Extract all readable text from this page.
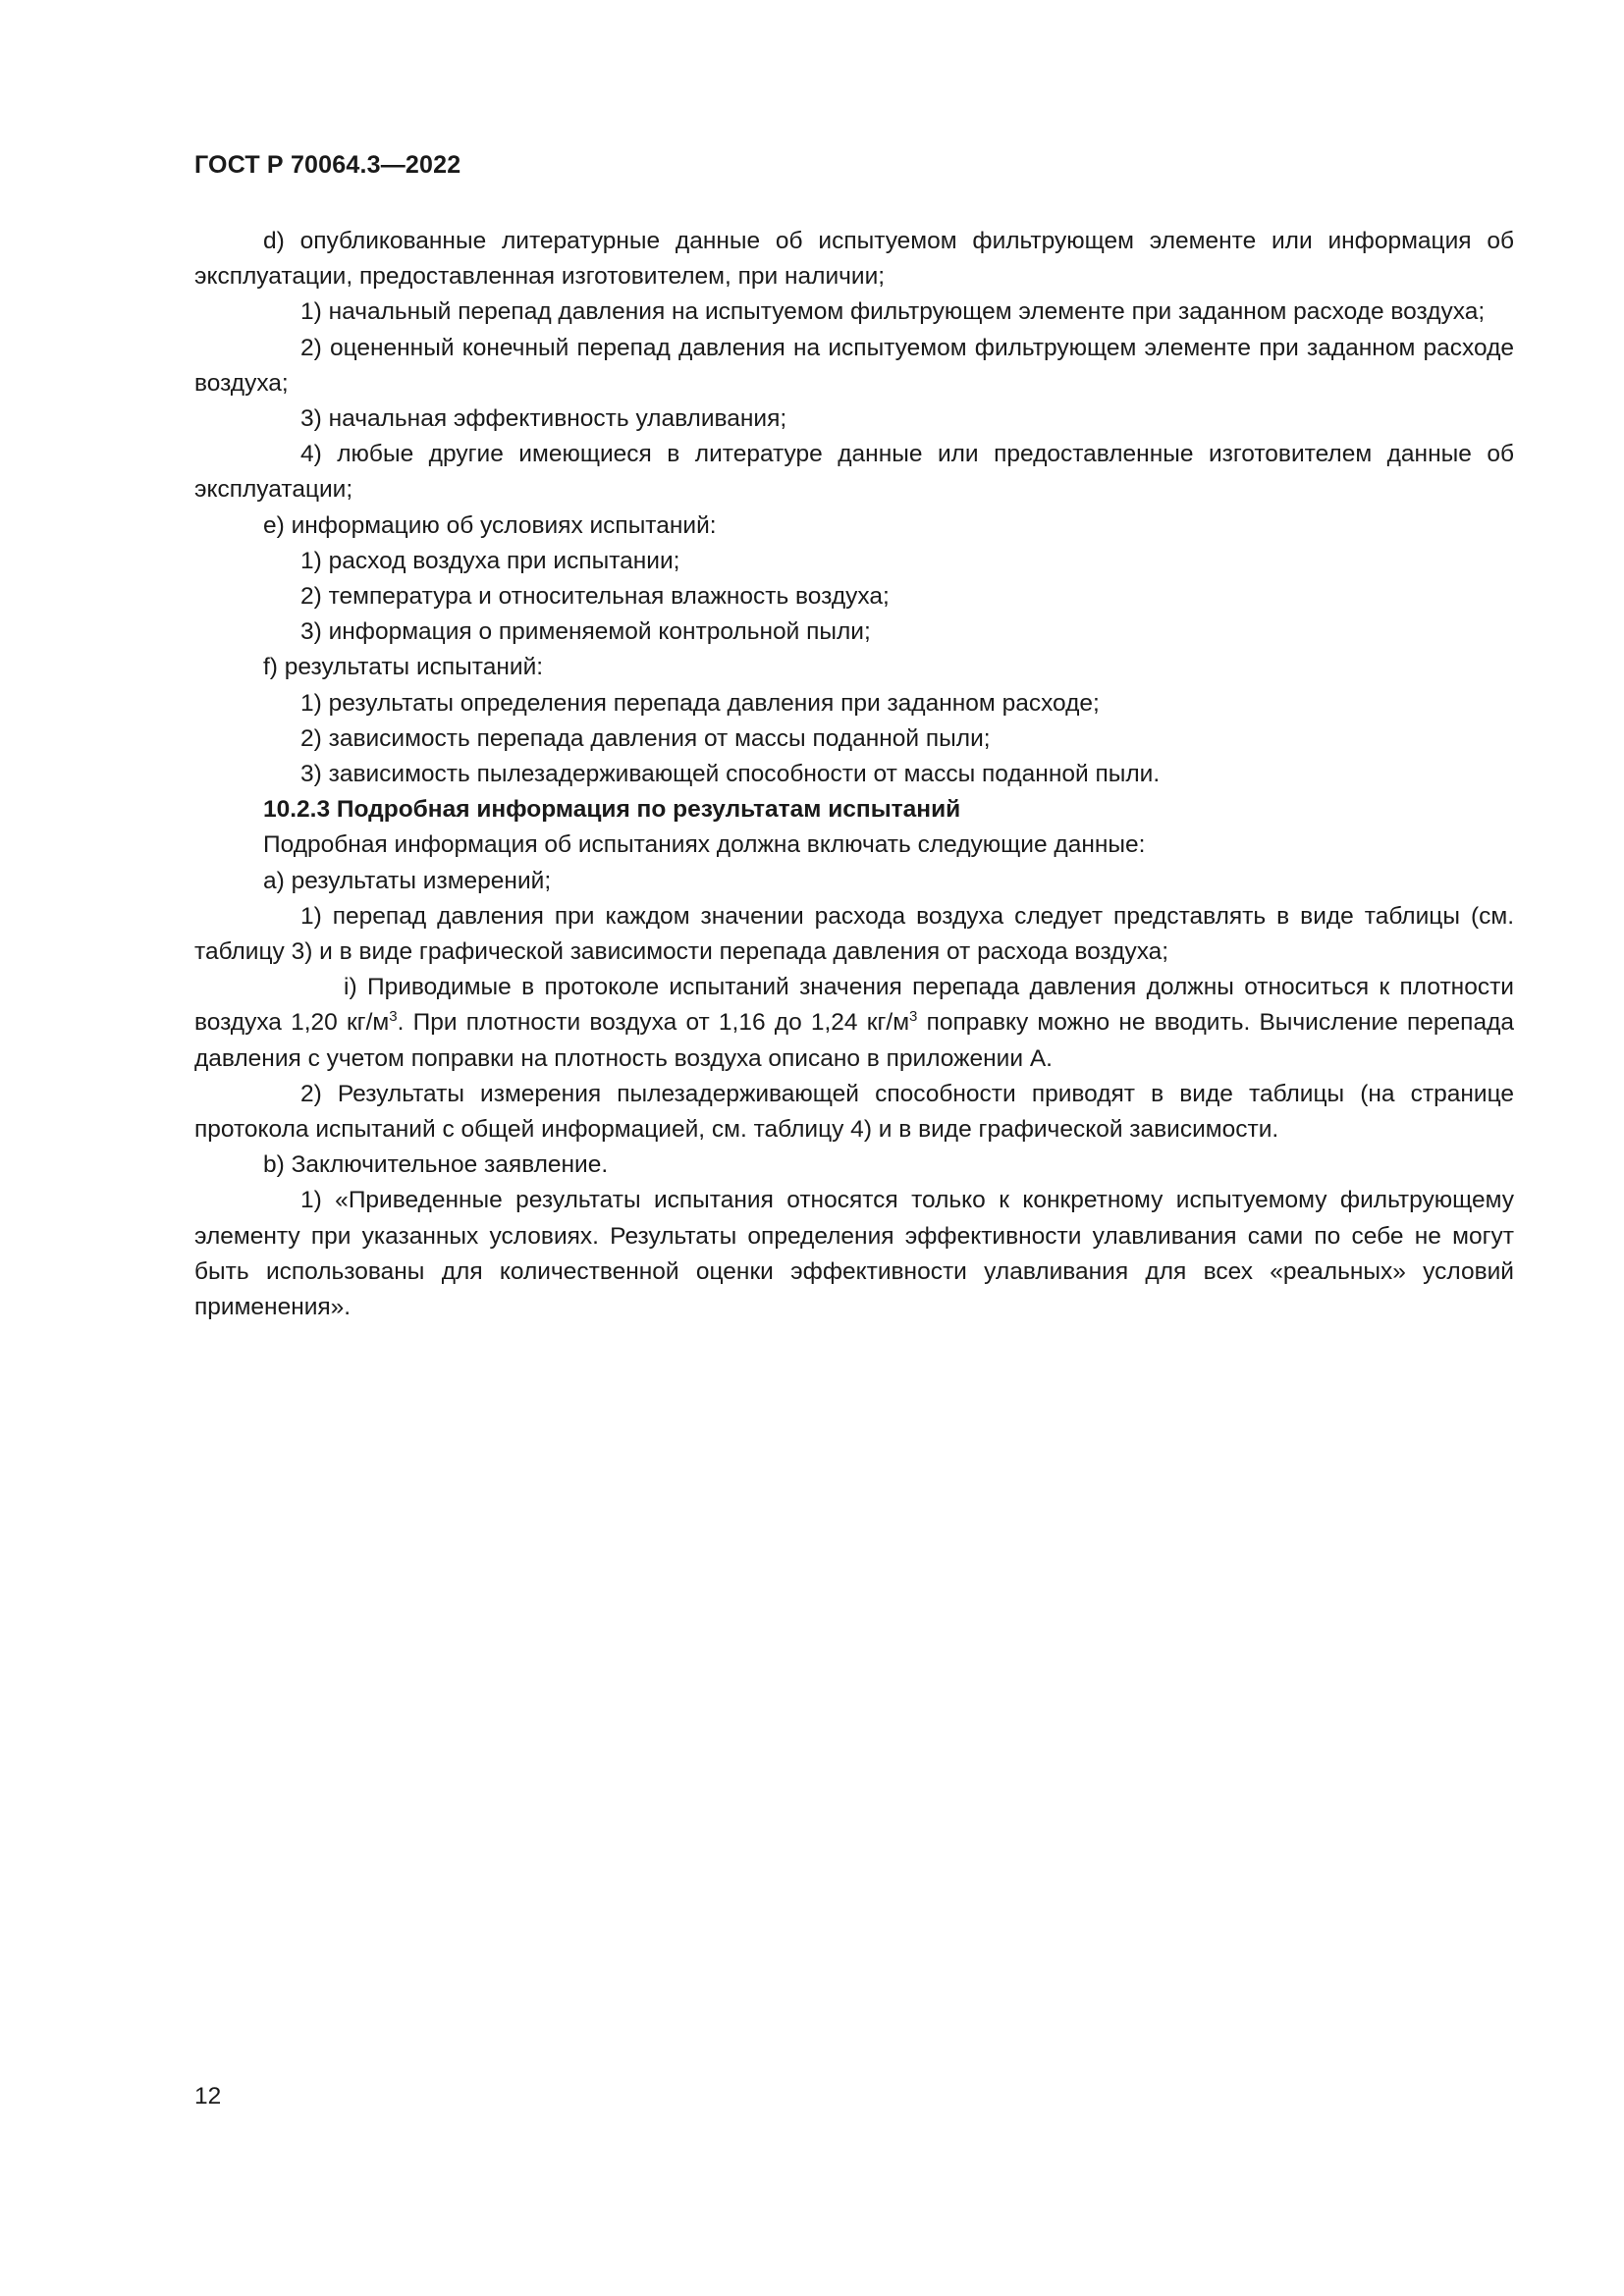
ГОСТ Р 70064.3—2022

d) опубликованные литературные данные об испытуемом фильтрующем элементе или информация об эксплуатации, предоставленная изготовителем, при наличии;

1) начальный перепад давления на испытуемом фильтрующем элементе при заданном расходе воздуха;

2) оцененный конечный перепад давления на испытуемом фильтрующем элементе при заданном расходе воздуха;

3) начальная эффективность улавливания;

4) любые другие имеющиеся в литературе данные или предоставленные изготовителем данные об эксплуатации;

e) информацию об условиях испытаний:

1) расход воздуха при испытании;

2) температура и относительная влажность воздуха;

3) информация о применяемой контрольной пыли;

f) результаты испытаний:

1) результаты определения перепада давления при заданном расходе;

2) зависимость перепада давления от массы поданной пыли;

3) зависимость пылезадерживающей способности от массы поданной пыли.

10.2.3 Подробная информация по результатам испытаний

Подробная информация об испытаниях должна включать следующие данные:

а) результаты измерений;

1) перепад давления при каждом значении расхода воздуха следует представлять в виде таблицы (см. таблицу 3) и в виде графической зависимости перепада давления от расхода воздуха;

i) Приводимые в протоколе испытаний значения перепада давления должны относиться к плотности воздуха 1,20 $кг/м^3$. При плотности воздуха от 1,16 до 1,24 $кг/м^3$ поправку можно не вводить. Вычисление перепада давления с учетом поправки на плотность воздуха описано в приложении А.

2) Результаты измерения пылезадерживающей способности приводят в виде таблицы (на странице протокола испытаний с общей информацией, см. таблицу 4) и в виде графической зависимости.

b) Заключительное заявление.

1) «Приведенные результаты испытания относятся только к конкретному испытуемому фильтрующему элементу при указанных условиях. Результаты определения эффективности улавливания сами по себе не могут быть использованы для количественной оценки эффективности улавливания для всех «реальных» условий применения».

12
